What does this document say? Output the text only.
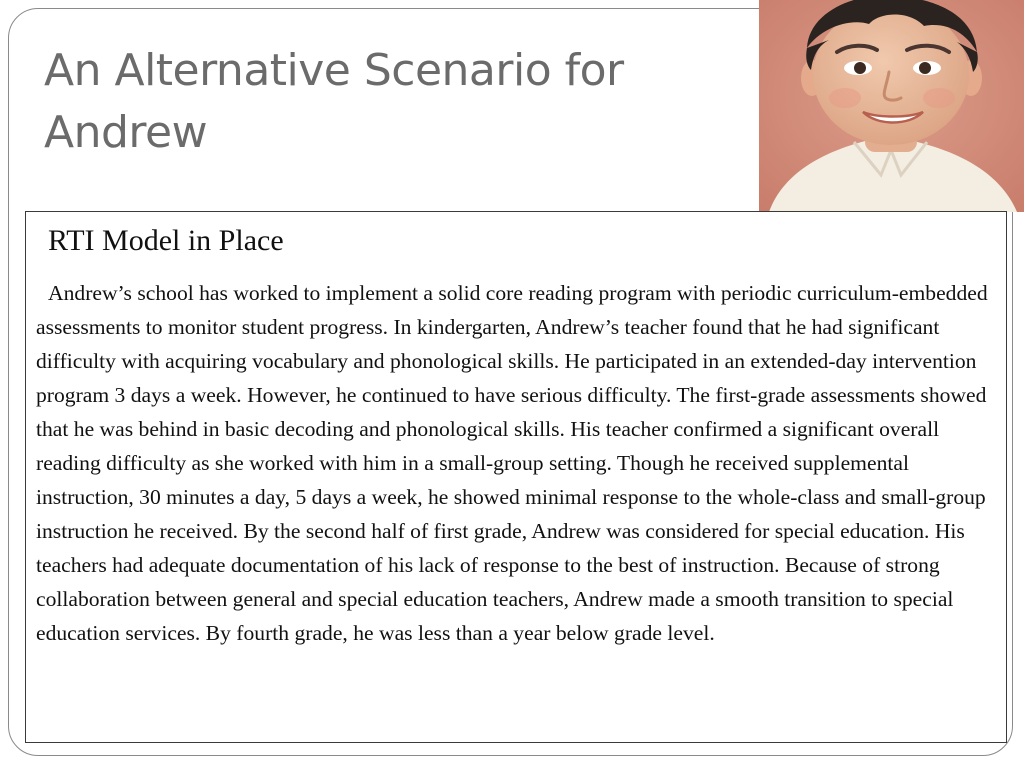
An Alternative Scenario for Andrew
RTI Model in Place

Andrew’s school has worked to implement a solid core reading program with periodic curriculum-embedded assessments to monitor student progress. In kindergarten, Andrew’s teacher found that he had significant difficulty with acquiring vocabulary and phonological skills. He participated in an extended-day intervention program 3 days a week. However, he continued to have serious difficulty. The first-grade assessments showed that he was behind in basic decoding and phonological skills. His teacher confirmed a significant overall reading difficulty as she worked with him in a small-group setting. Though he received supplemental instruction, 30 minutes a day, 5 days a week, he showed minimal response to the whole-class and small-group instruction he received. By the second half of first grade, Andrew was considered for special education. His teachers had adequate documentation of his lack of response to the best of instruction. Because of strong collaboration between general and special education teachers, Andrew made a smooth transition to special education services. By fourth grade, he was less than a year below grade level.
